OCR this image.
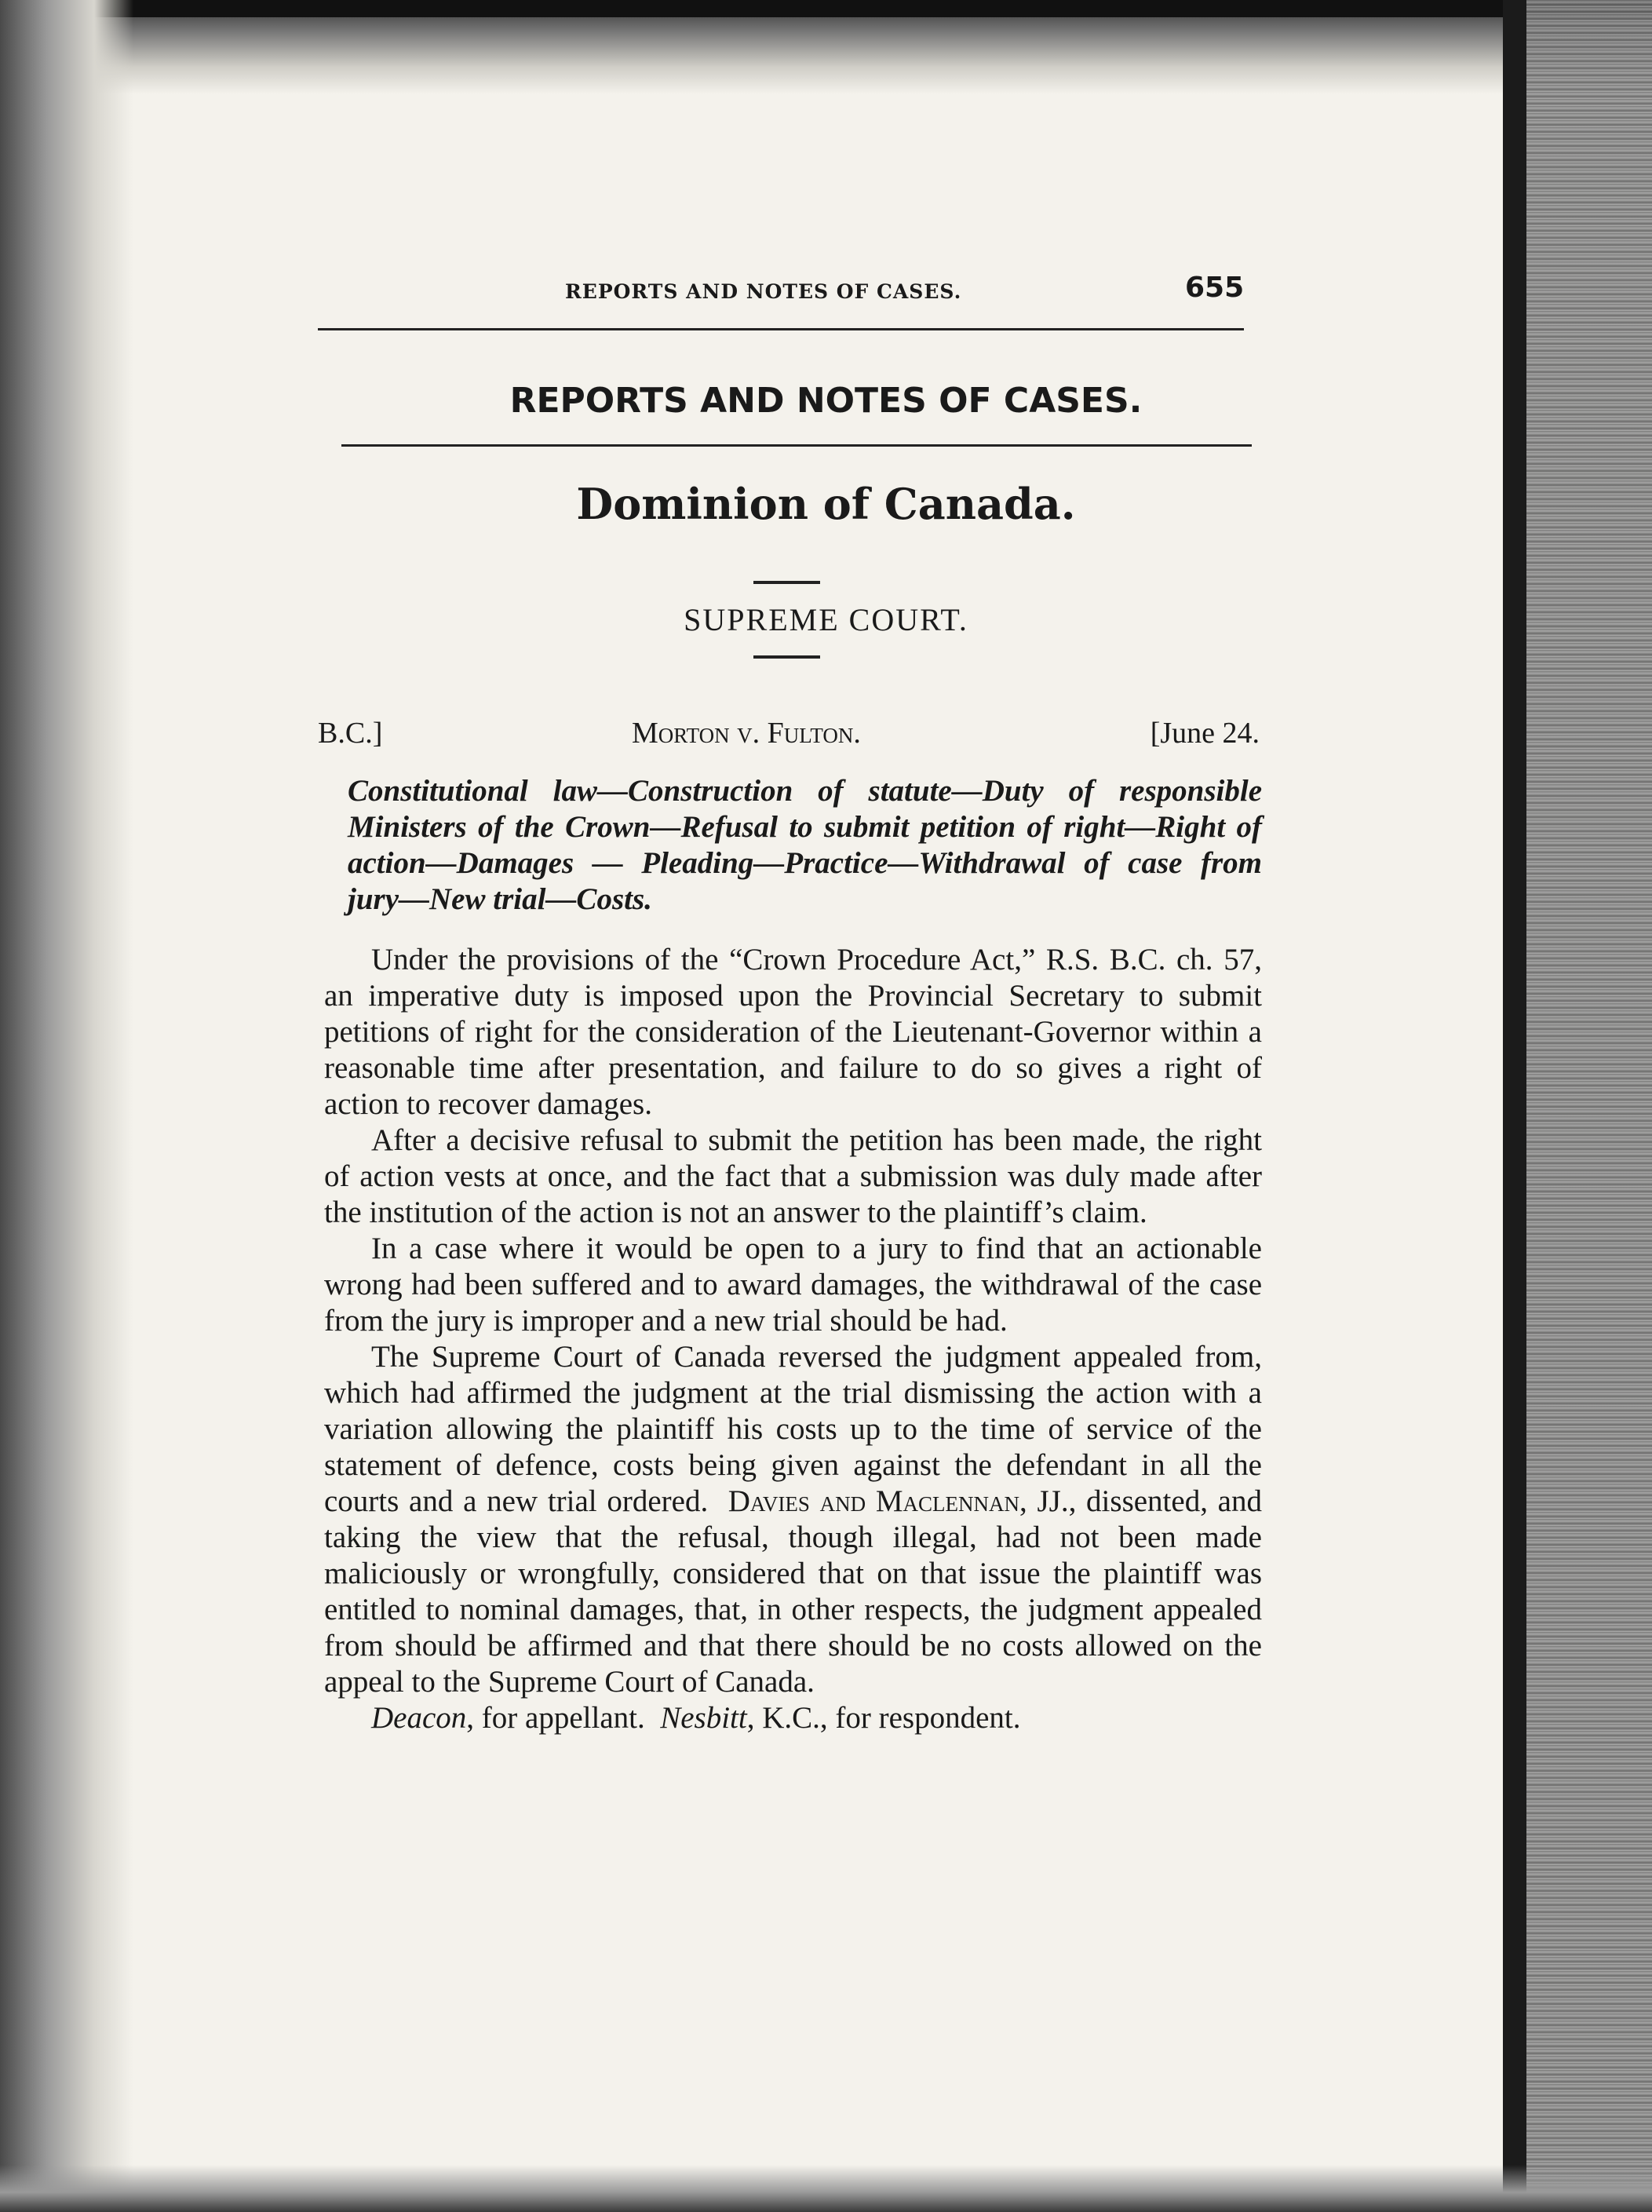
REPORTS AND NOTES OF CASES.	655
REPORTS AND NOTES OF CASES.
Dominion of Canada.
SUPREME COURT.
B.C.]	Morton v. Fulton.	[June 24.
Constitutional law—Construction of statute—Duty of responsible Ministers of the Crown—Refusal to submit petition of right—Right of action—Damages — Pleading—Practice—Withdrawal of case from jury—New trial—Costs.

Under the provisions of the “Crown Procedure Act,” R.S. B.C. ch. 57, an imperative duty is imposed upon the Provincial Secretary to submit petitions of right for the consideration of the Lieutenant-Governor within a reasonable time after presentation, and failure to do so gives a right of action to recover damages.

After a decisive refusal to submit the petition has been made, the right of action vests at once, and the fact that a submission was duly made after the institution of the action is not an answer to the plaintiff’s claim.

In a case where it would be open to a jury to find that an actionable wrong had been suffered and to award damages, the withdrawal of the case from the jury is improper and a new trial should be had.

The Supreme Court of Canada reversed the judgment appealed from, which had affirmed the judgment at the trial dismissing the action with a variation allowing the plaintiff his costs up to the time of service of the statement of defence, costs being given against the defendant in all the courts and a new trial ordered. Davies and Maclennan, JJ., dissented, and taking the view that the refusal, though illegal, had not been made maliciously or wrongfully, considered that on that issue the plaintiff was entitled to nominal damages, that, in other respects, the judgment appealed from should be affirmed and that there should be no costs allowed on the appeal to the Supreme Court of Canada.

Deacon, for appellant. Nesbitt, K.C., for respondent.
